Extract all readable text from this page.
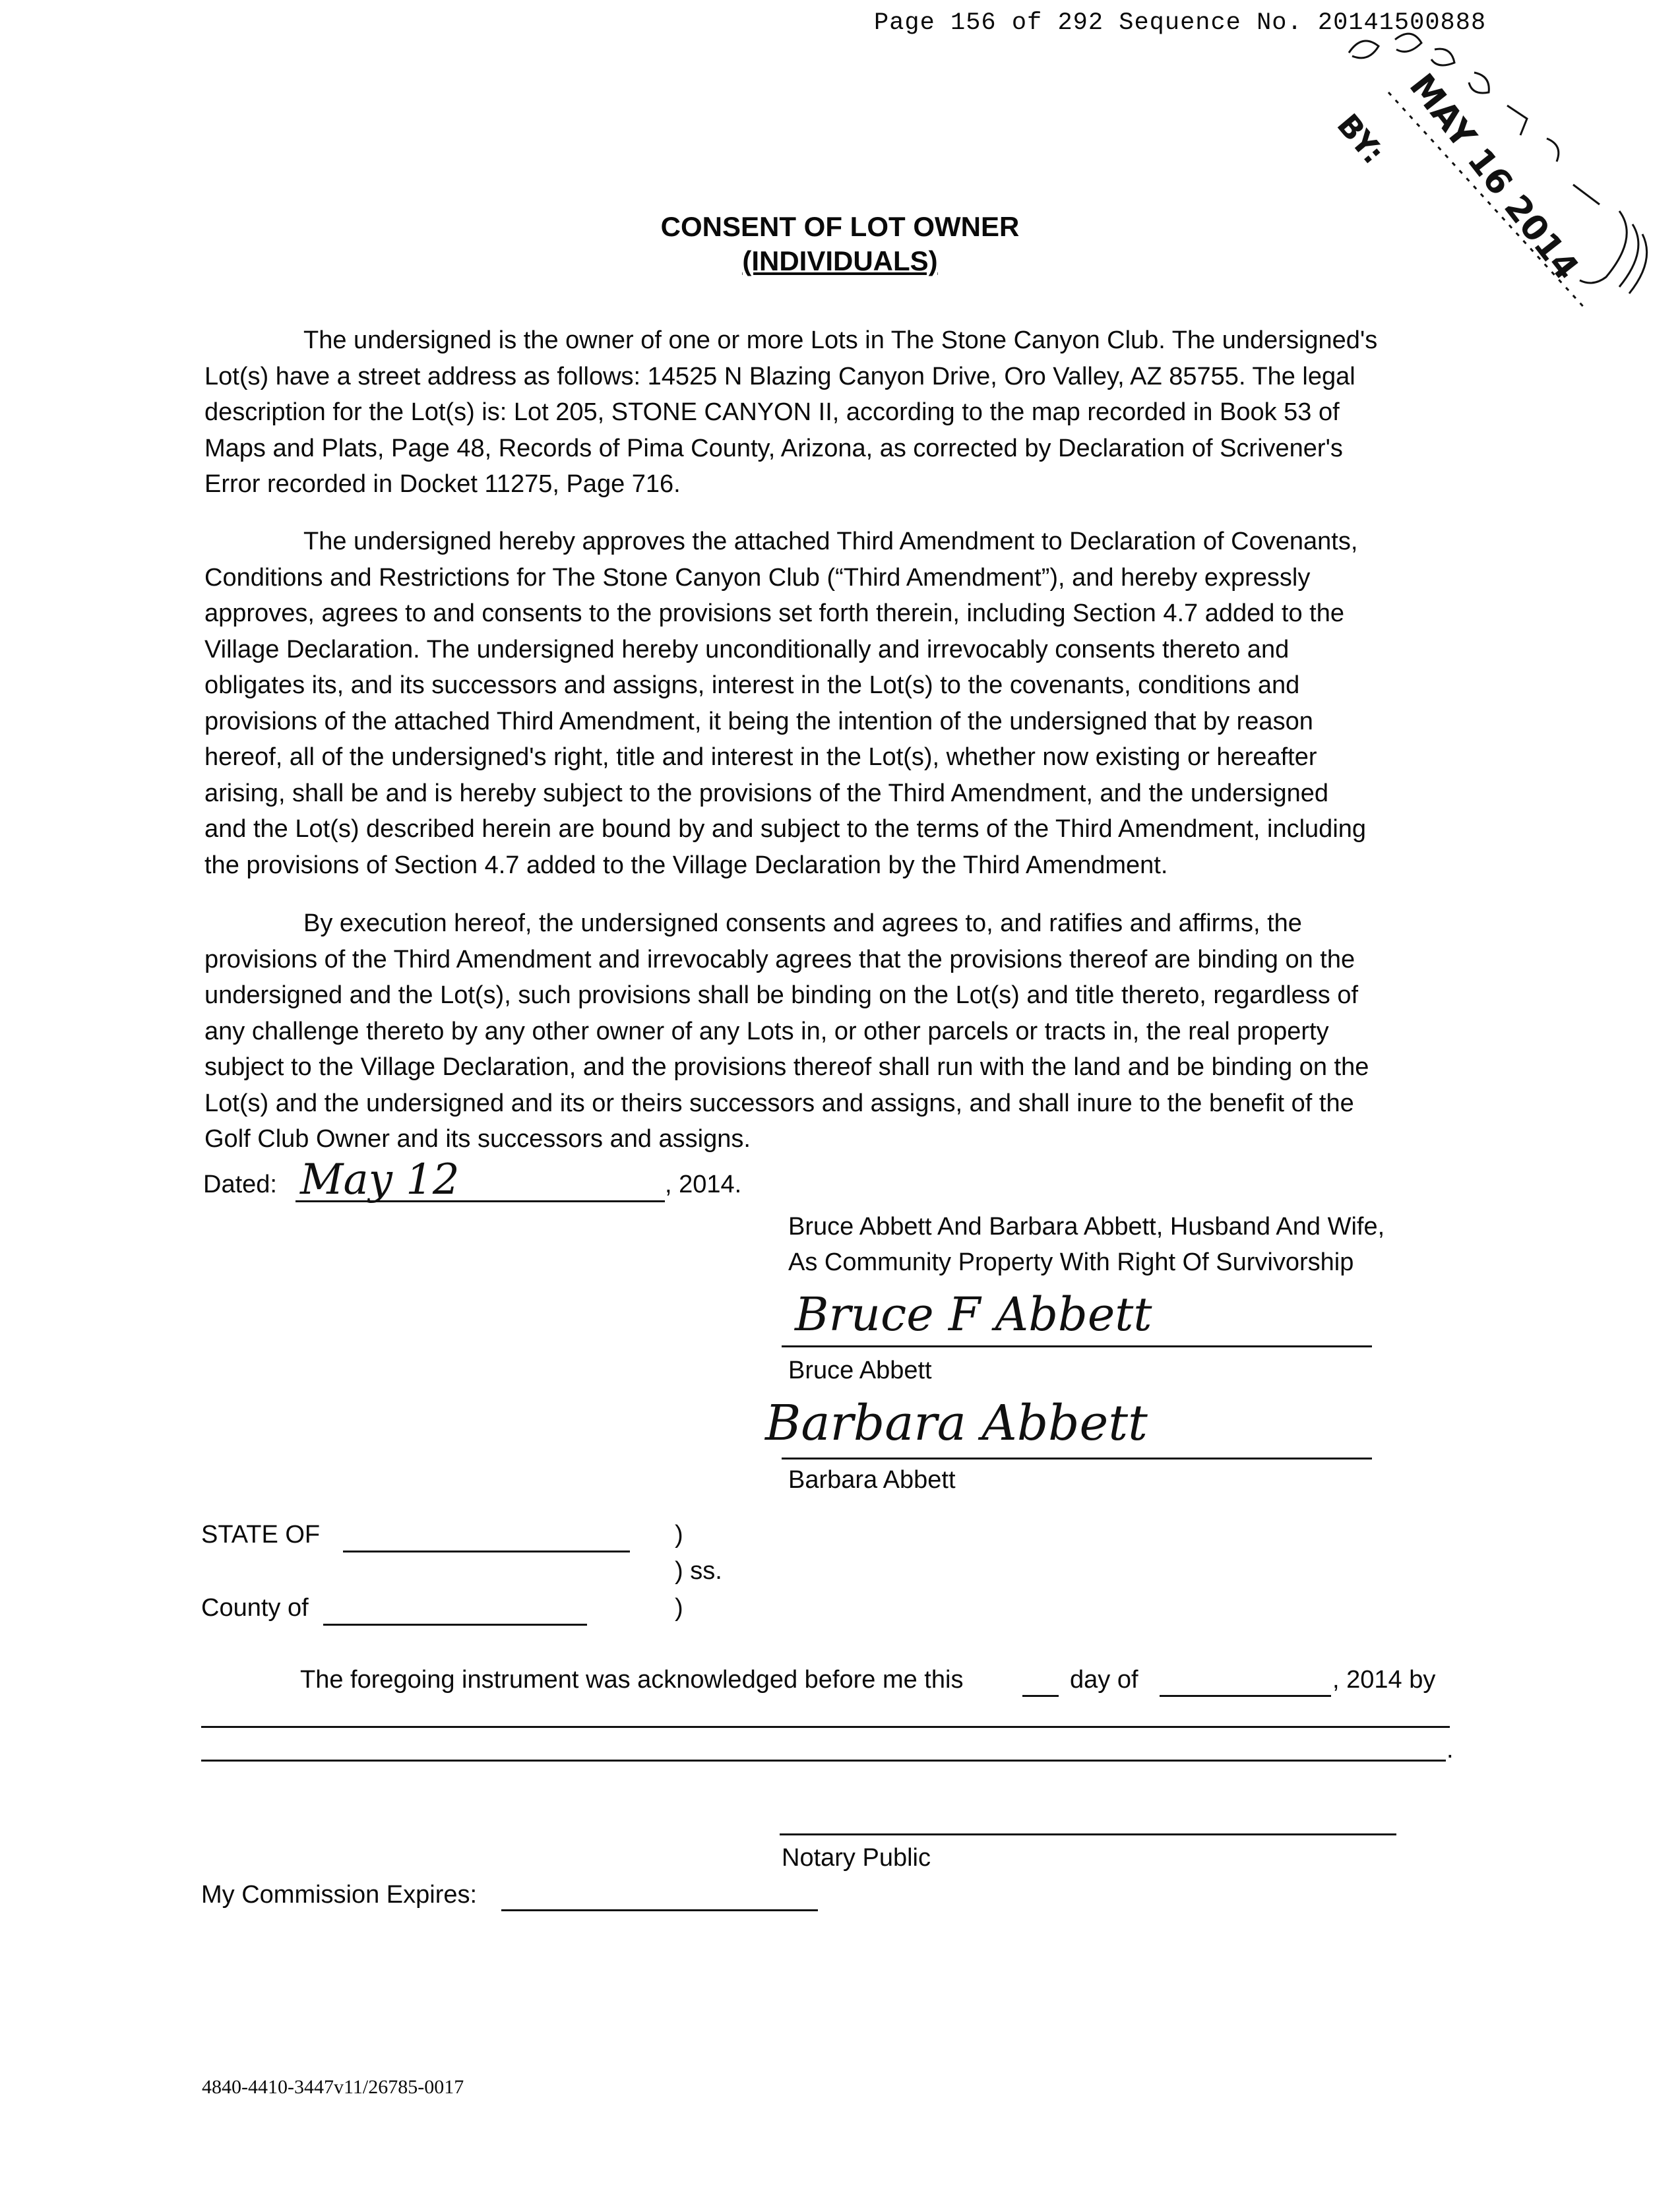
Page 156 of 292 Sequence No. 20141500888
BY: MAY 16 2014
CONSENT OF LOT OWNER
(INDIVIDUALS)
The undersigned is the owner of one or more Lots in The Stone Canyon Club. The undersigned's
Lot(s) have a street address as follows: 14525 N Blazing Canyon Drive, Oro Valley, AZ 85755. The legal
description for the Lot(s) is: Lot 205, STONE CANYON II, according to the map recorded in Book 53 of
Maps and Plats, Page 48, Records of Pima County, Arizona, as corrected by Declaration of Scrivener's
Error recorded in Docket 11275, Page 716.
The undersigned hereby approves the attached Third Amendment to Declaration of Covenants,
Conditions and Restrictions for The Stone Canyon Club (“Third Amendment”), and hereby expressly
approves, agrees to and consents to the provisions set forth therein, including Section 4.7 added to the
Village Declaration. The undersigned hereby unconditionally and irrevocably consents thereto and
obligates its, and its successors and assigns, interest in the Lot(s) to the covenants, conditions and
provisions of the attached Third Amendment, it being the intention of the undersigned that by reason
hereof, all of the undersigned's right, title and interest in the Lot(s), whether now existing or hereafter
arising, shall be and is hereby subject to the provisions of the Third Amendment, and the undersigned
and the Lot(s) described herein are bound by and subject to the terms of the Third Amendment, including
the provisions of Section 4.7 added to the Village Declaration by the Third Amendment.
By execution hereof, the undersigned consents and agrees to, and ratifies and affirms, the
provisions of the Third Amendment and irrevocably agrees that the provisions thereof are binding on the
undersigned and the Lot(s), such provisions shall be binding on the Lot(s) and title thereto, regardless of
any challenge thereto by any other owner of any Lots in, or other parcels or tracts in, the real property
subject to the Village Declaration, and the provisions thereof shall run with the land and be binding on the
Lot(s) and the undersigned and its or theirs successors and assigns, and shall inure to the benefit of the
Golf Club Owner and its successors and assigns.
Dated: May 12	, 2014.
Bruce Abbett And Barbara Abbett, Husband And Wife,
As Community Property With Right Of Survivorship
Bruce F Abbett
Bruce Abbett
Barbara Abbett
Barbara Abbett
STATE OF	)
) ss.
County of	)
The foregoing instrument was acknowledged before me this	day of	, 2014 by
.
Notary Public
My Commission Expires:
4840-4410-3447v11/26785-0017
